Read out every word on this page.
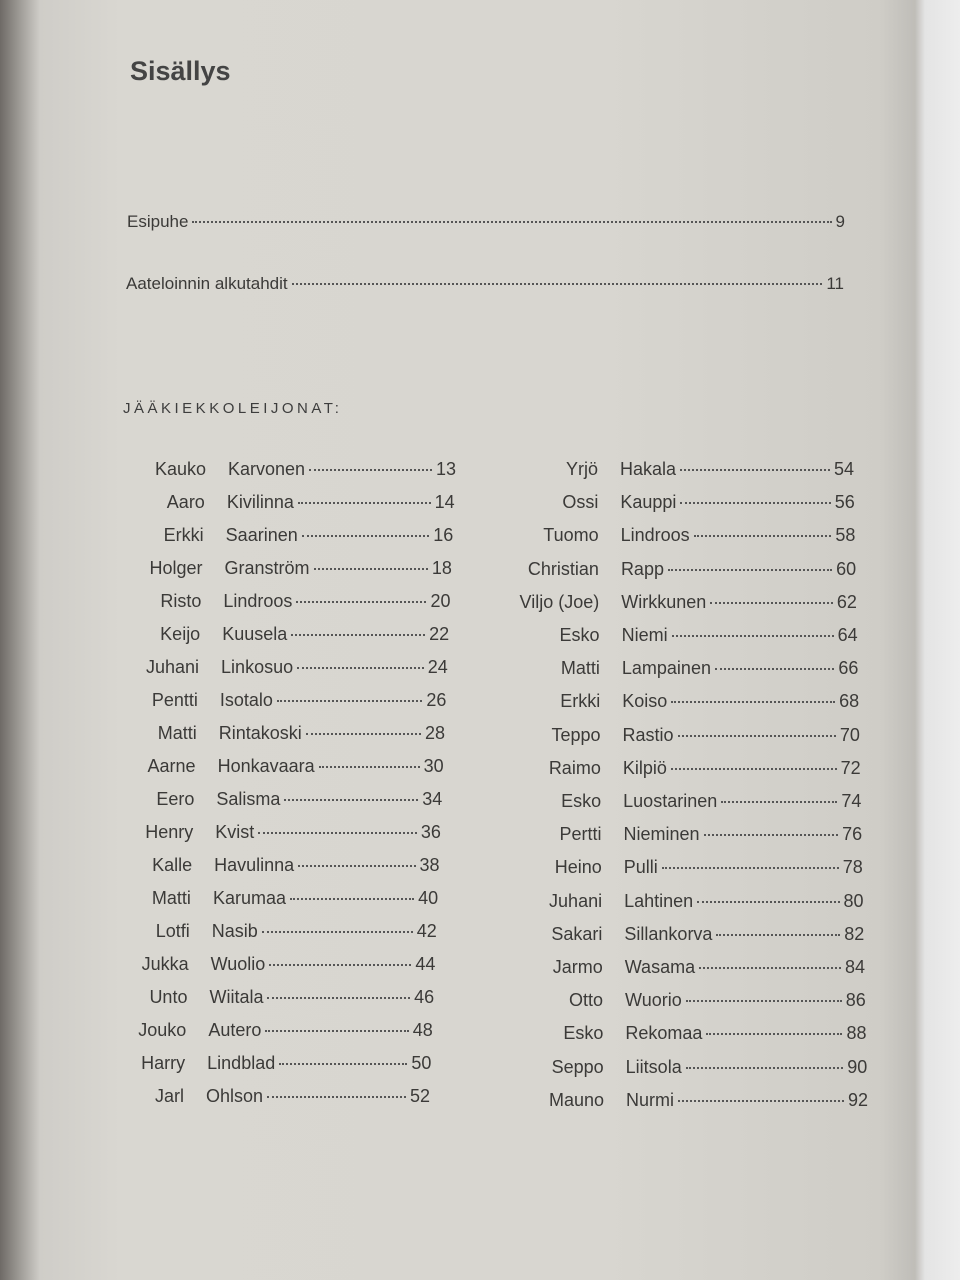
Sisällys
Esipuhe	9
Aateloinnin alkutahdit	11
JÄÄKIEKKOLEIJONAT:
Kauko Karvonen	13
Aaro Kivilinna	14
Erkki Saarinen	16
Holger Granström	18
Risto Lindroos	20
Keijo Kuusela	22
Juhani Linkosuo	24
Pentti Isotalo	26
Matti Rintakoski	28
Aarne Honkavaara	30
Eero Salisma	34
Henry Kvist	36
Kalle Havulinna	38
Matti Karumaa	40
Lotfi Nasib	42
Jukka Wuolio	44
Unto Wiitala	46
Jouko Autero	48
Harry Lindblad	50
Jarl Ohlson	52
Yrjö Hakala	54
Ossi Kauppi	56
Tuomo Lindroos	58
Christian Rapp	60
Viljo (Joe) Wirkkunen	62
Esko Niemi	64
Matti Lampainen	66
Erkki Koiso	68
Teppo Rastio	70
Raimo Kilpiö	72
Esko Luostarinen	74
Pertti Nieminen	76
Heino Pulli	78
Juhani Lahtinen	80
Sakari Sillankorva	82
Jarmo Wasama	84
Otto Wuorio	86
Esko Rekomaa	88
Seppo Liitsola	90
Mauno Nurmi	92
